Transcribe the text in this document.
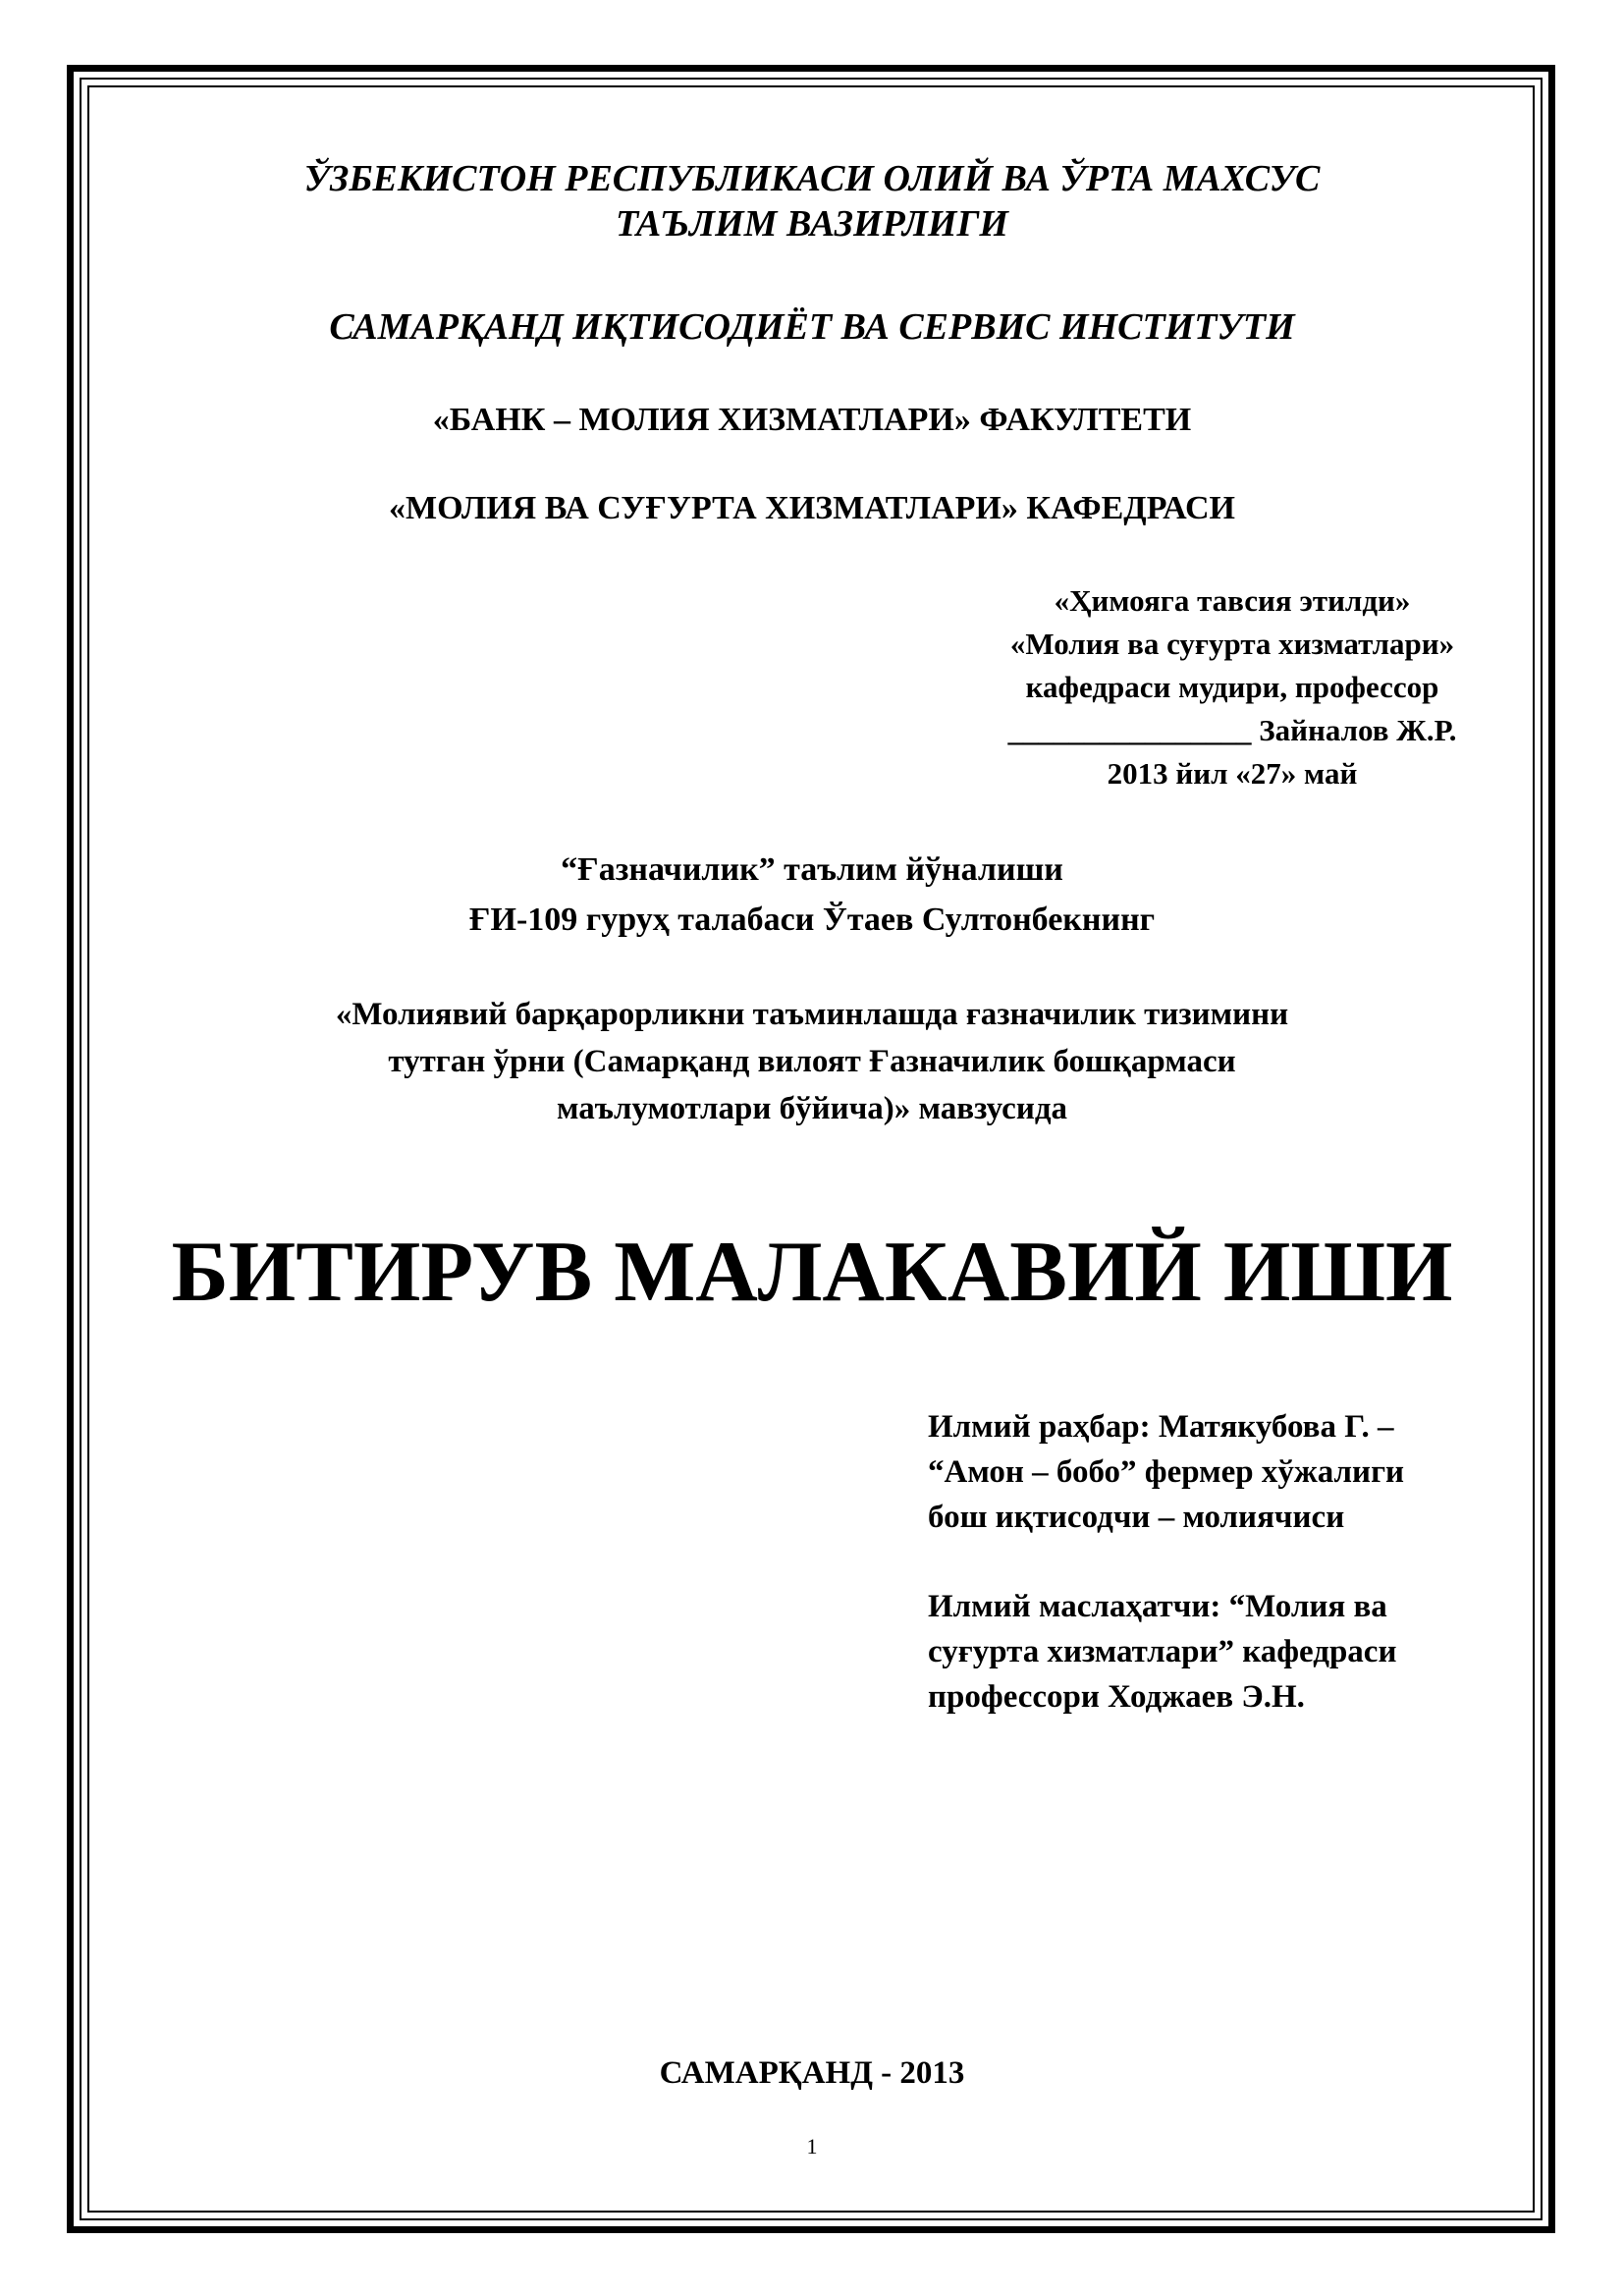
ЎЗБЕКИСТОН РЕСПУБЛИКАСИ ОЛИЙ ВА ЎРТА МАХСУС
ТАЪЛИМ ВАЗИРЛИГИ
САМАРҚАНД ИҚТИСОДИЁТ ВА СЕРВИС ИНСТИТУТИ
«БАНК – МОЛИЯ ХИЗМАТЛАРИ» ФАКУЛТЕТИ
«МОЛИЯ ВА СУҒУРТА ХИЗМАТЛАРИ» КАФЕДРАСИ
«Ҳимояга тавсия этилди»
«Молия ва суғурта хизматлари»
кафедраси мудири, профессор
________________ Зайналов Ж.Р.
2013 йил «27» май
“Ғазначилик” таълим йўналиши
ҒИ-109 гуруҳ талабаси Ўтаев Султонбекнинг
«Молиявий барқарорликни таъминлашда ғазначилик тизимини
тутган ўрни (Самарқанд вилоят Ғазначилик бошқармаси
маълумотлари бўйича)» мавзусида
БИТИРУВ МАЛАКАВИЙ ИШИ
Илмий раҳбар: Матякубова Г. –
“Амон – бобо” фермер хўжалиги
бош иқтисодчи – молиячиси
Илмий маслаҳатчи: “Молия ва
суғурта хизматлари” кафедраси
профессори Ходжаев Э.Н.
САМАРҚАНД - 2013
1
